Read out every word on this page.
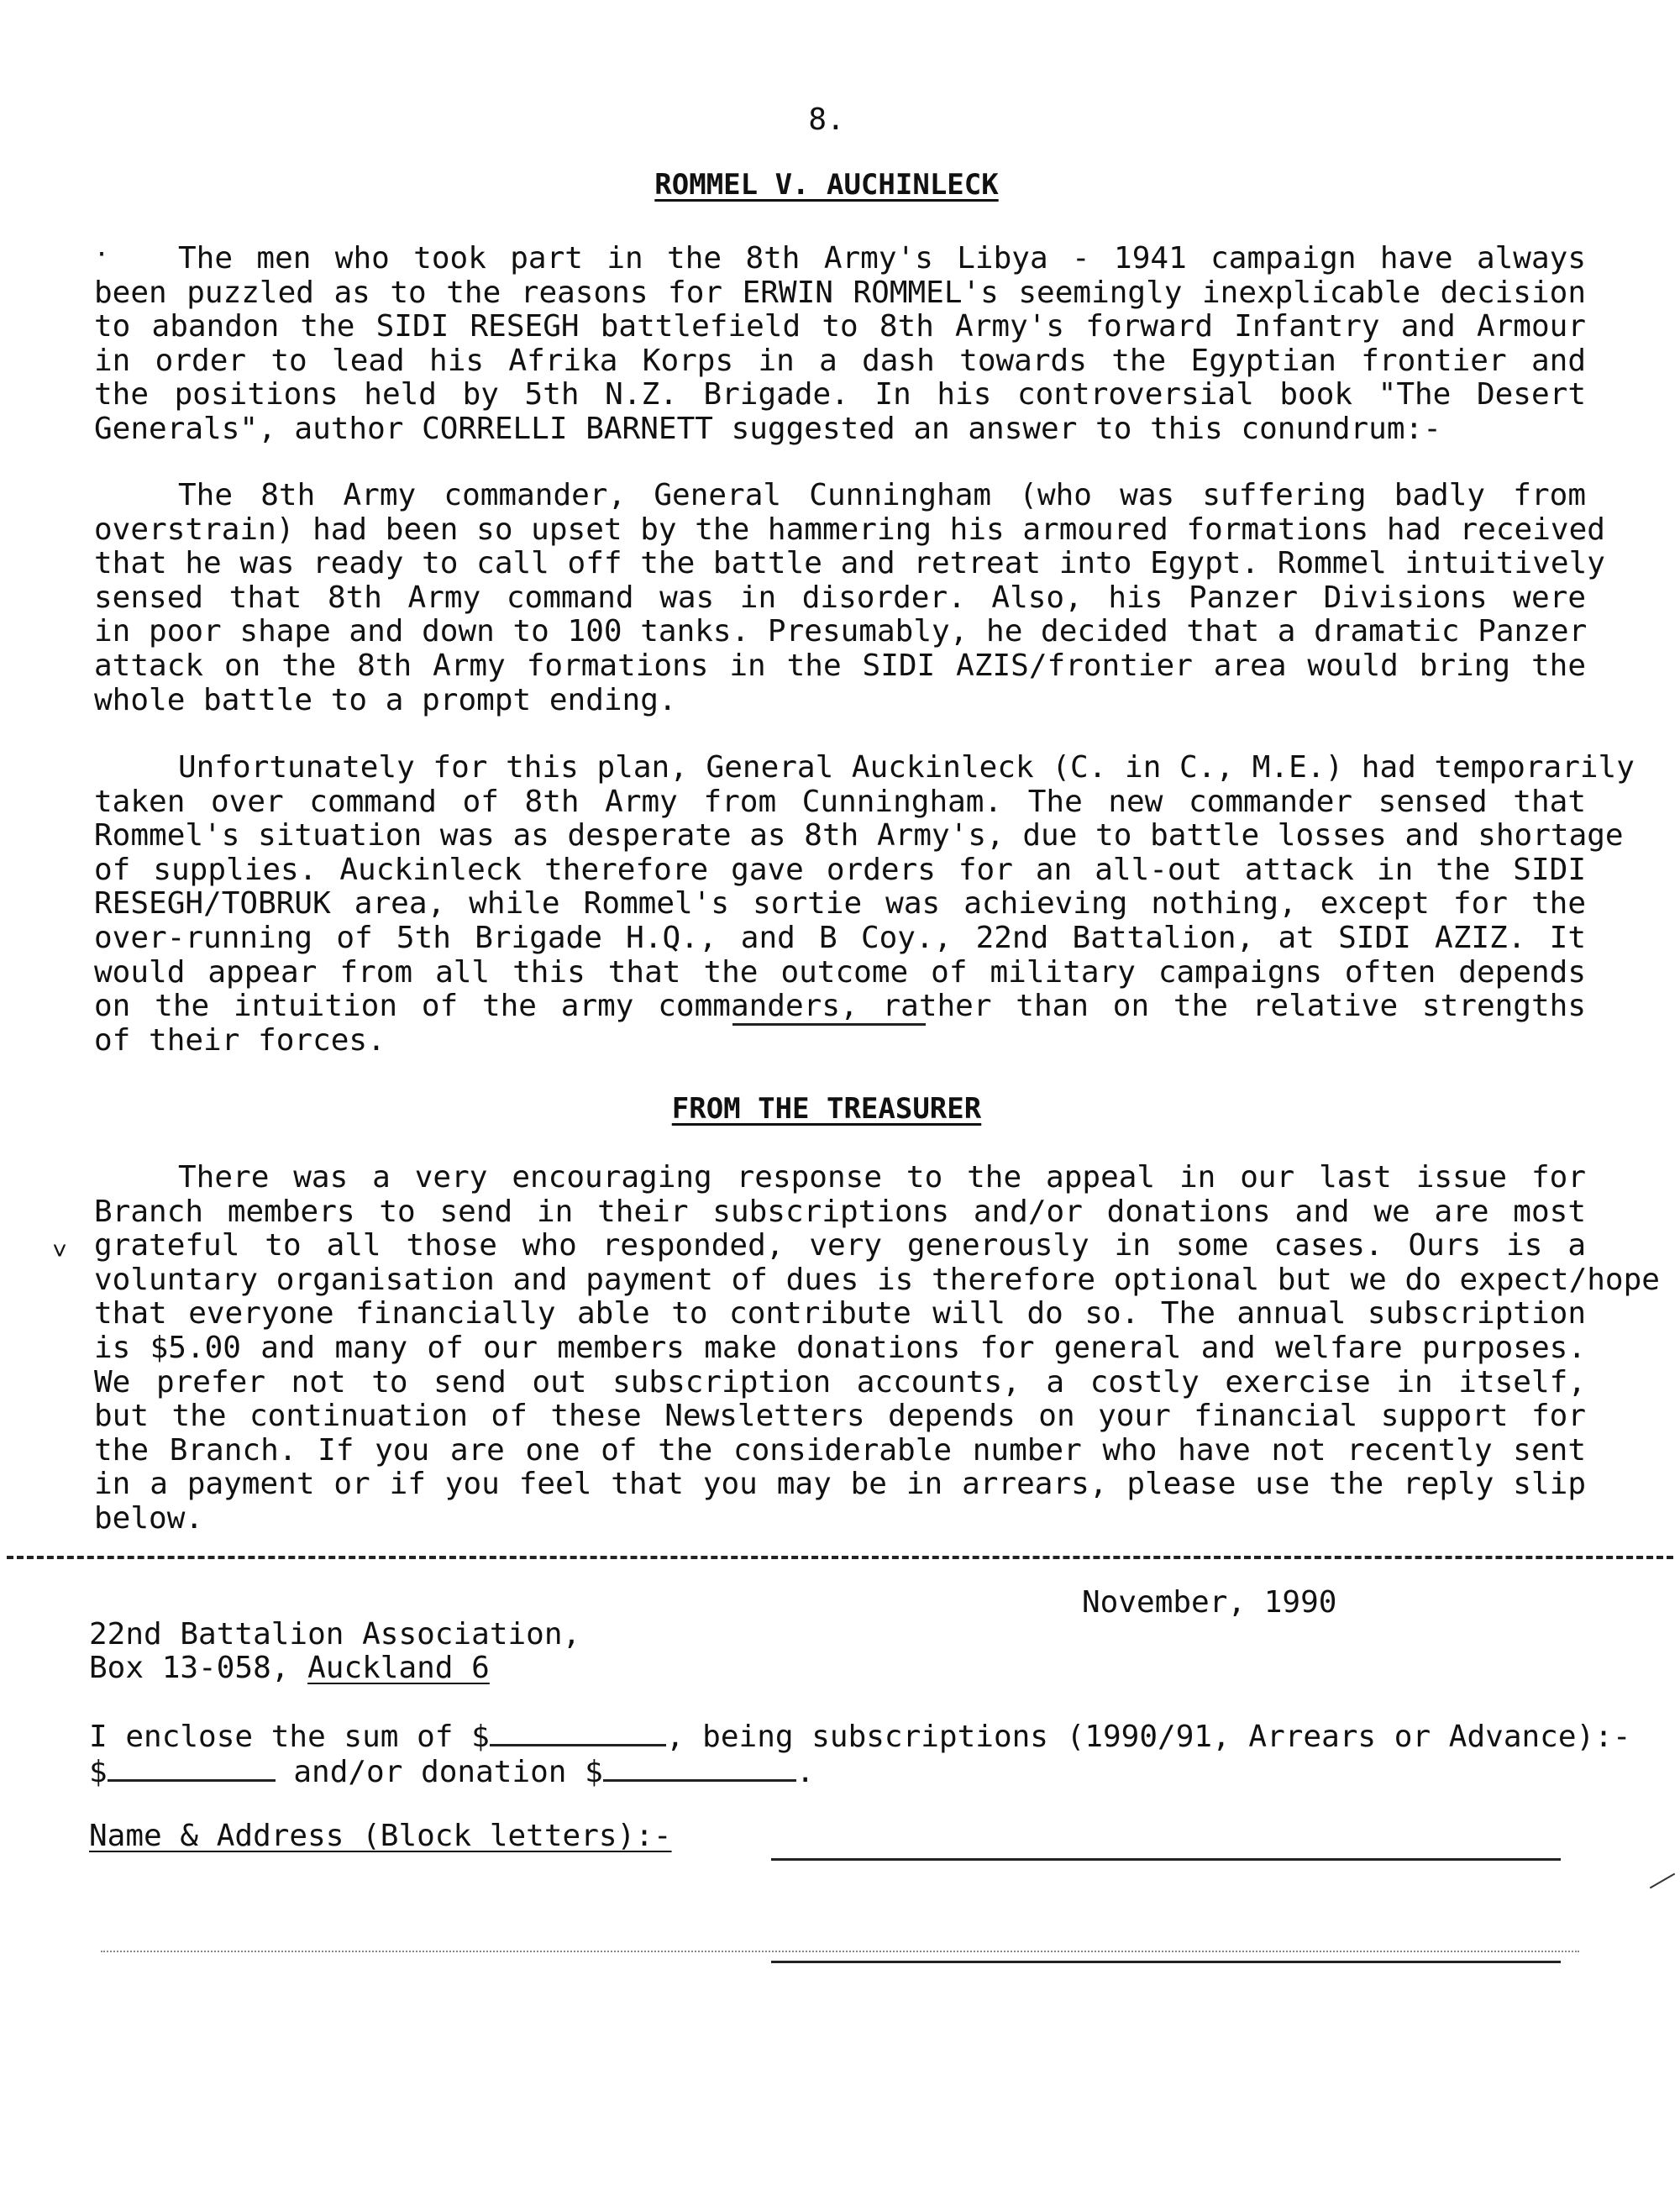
8.
ROMMEL V. AUCHINLECK
·	The men who took part in the 8th Army's Libya - 1941 campaign have always
been puzzled as to the reasons for ERWIN ROMMEL's seemingly inexplicable decision
to abandon the SIDI RESEGH battlefield to 8th Army's forward Infantry and Armour
in order to lead his Afrika Korps in a dash towards the Egyptian frontier and
the positions held by 5th N.Z. Brigade. In his controversial book "The Desert
Generals", author CORRELLI BARNETT suggested an answer to this conundrum:-
The 8th Army commander, General Cunningham (who was suffering badly from
overstrain) had been so upset by the hammering his armoured formations had received
that he was ready to call off the battle and retreat into Egypt. Rommel intuitively
sensed that 8th Army command was in disorder. Also, his Panzer Divisions were
in poor shape and down to 100 tanks. Presumably, he decided that a dramatic Panzer
attack on the 8th Army formations in the SIDI AZIS/frontier area would bring the
whole battle to a prompt ending.
Unfortunately for this plan, General Auckinleck (C. in C., M.E.) had temporarily
taken over command of 8th Army from Cunningham. The new commander sensed that
Rommel's situation was as desperate as 8th Army's, due to battle losses and shortage
of supplies. Auckinleck therefore gave orders for an all-out attack in the SIDI
RESEGH/TOBRUK area, while Rommel's sortie was achieving nothing, except for the
over-running of 5th Brigade H.Q., and B Coy., 22nd Battalion, at SIDI AZIZ. It
would appear from all this that the outcome of military campaigns often depends
on the intuition of the army commanders, rather than on the relative strengths
of their forces.
FROM THE TREASURER
˅
There was a very encouraging response to the appeal in our last issue for
Branch members to send in their subscriptions and/or donations and we are most
grateful to all those who responded, very generously in some cases. Ours is a
voluntary organisation and payment of dues is therefore optional but we do expect/hope
that everyone financially able to contribute will do so. The annual subscription
is $5.00 and many of our members make donations for general and welfare purposes.
We prefer not to send out subscription accounts, a costly exercise in itself,
but the continuation of these Newsletters depends on your financial support for
the Branch. If you are one of the considerable number who have not recently sent
in a payment or if you feel that you may be in arrears, please use the reply slip
below.
November, 1990
22nd Battalion Association,
Box 13-058, Auckland 6
I enclose the sum of $	, being subscriptions (1990/91, Arrears or Advance):-
$	and/or donation $	.
Name & Address (Block letters):-
